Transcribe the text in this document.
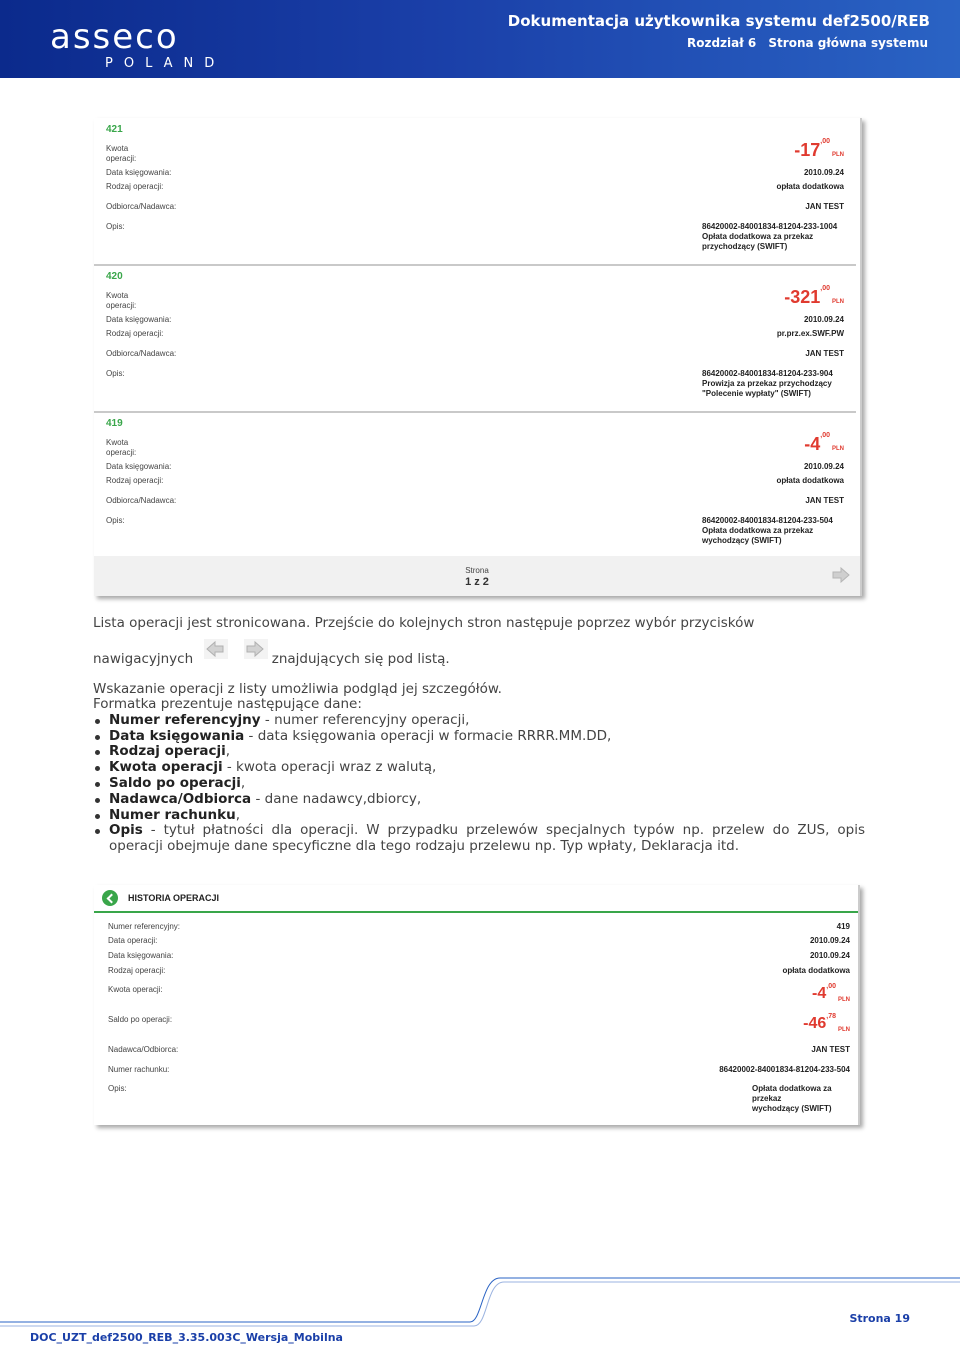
asseco
POLAND
Dokumentacja użytkownika systemu def2500/REB
Rozdział 6 Strona główna systemu
421
Kwota operacji:
Data księgowania:
Rodzaj operacji:
Odbiorca/Nadawca:
Opis:
$-17^{,00}$
PLN
2010.09.24
opłata dodatkowa
JAN TEST
86420002-84001834-81204-233-1004
Opłata dodatkowa za przekaz
przychodzący (SWIFT)
420
Kwota operacji:
Data księgowania:
Rodzaj operacji:
Odbiorca/Nadawca:
Opis:
$-321^{,00}$
PLN
2010.09.24
pr.prz.ex.SWF.PW
JAN TEST
86420002-84001834-81204-233-904
Prowizja za przekaz przychodzący
"Polecenie wypłaty" (SWIFT)
419
Kwota operacji:
Data księgowania:
Rodzaj operacji:
Odbiorca/Nadawca:
Opis:
$-4^{,00}$
PLN
2010.09.24
opłata dodatkowa
JAN TEST
86420002-84001834-81204-233-504
Opłata dodatkowa za przekaz
wychodzący (SWIFT)
Strona
1 z 2
Lista operacji jest stronicowana. Przejście do kolejnych stron następuje poprzez wybór przycisków
nawigacyjnych	znajdujących się pod listą.
Wskazanie operacji z listy umożliwia podgląd jej szczegółów.
Formatka prezentuje następujące dane:
Numer referencyjny - numer referencyjny operacji,
Data księgowania - data księgowania operacji w formacie RRRR.MM.DD,
Rodzaj operacji,
Kwota operacji - kwota operacji wraz z walutą,
Saldo po operacji,
Nadawca/Odbiorca - dane nadawcy,dbiorcy,
Numer rachunku,
Opis - tytuł płatności dla operacji. W przypadku przelewów specjalnych typów np. przelew do ZUS, opis operacji obejmuje dane specyficzne dla tego rodzaju przelewu np. Typ wpłaty, Deklaracja itd.
HISTORIA OPERACJI
Numer referencyjny:
Data operacji:
Data księgowania:
Rodzaj operacji:
Kwota operacji:
Saldo po operacji:
Nadawca/Odbiorca:
Numer rachunku:
Opis:
419
2010.09.24
2010.09.24
opłata dodatkowa
$-4^{,00}$
PLN
$-46^{,78}$
PLN
JAN TEST
86420002-84001834-81204-233-504
Opłata dodatkowa za przekaz
wychodzący (SWIFT)
Strona 19
DOC_UZT_def2500_REB_3.35.003C_Wersja_Mobilna
